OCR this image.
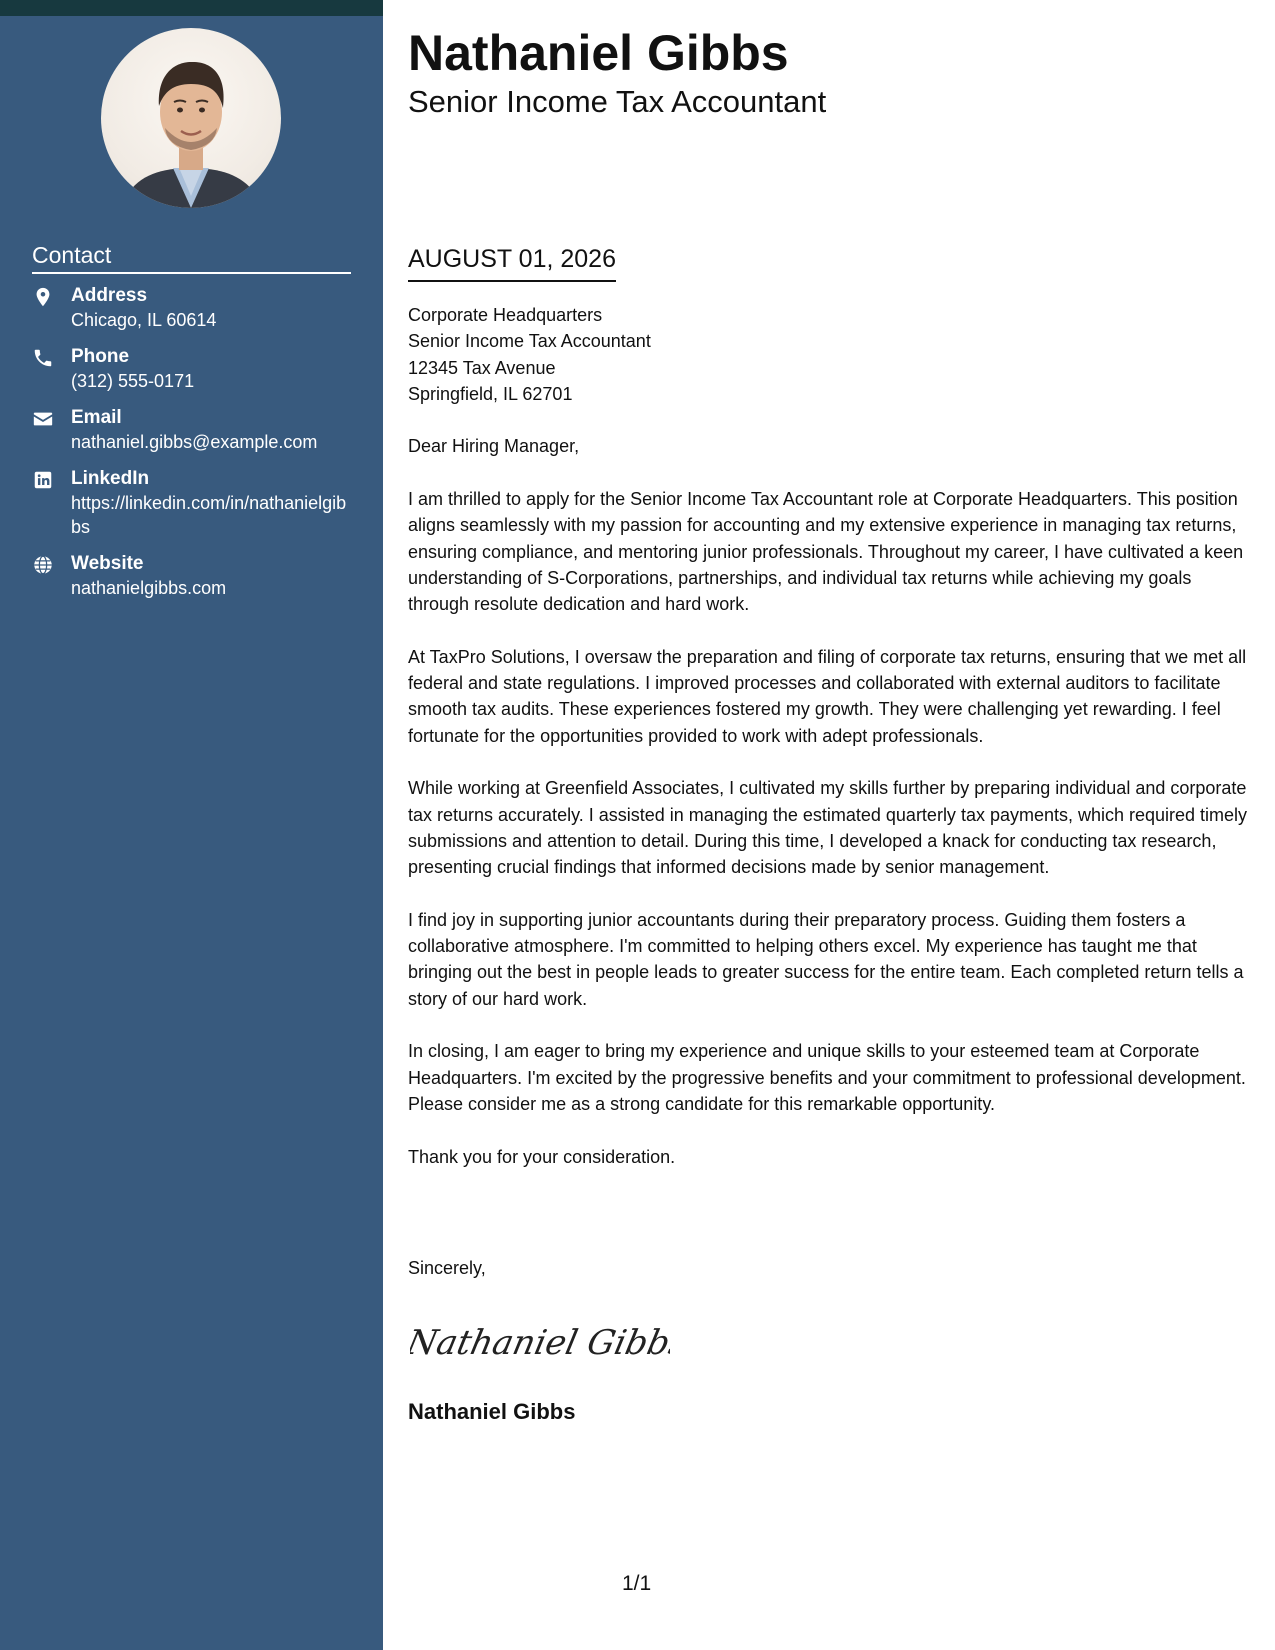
Contact
Address
Chicago, IL 60614
Phone
(312) 555-0171
Email
nathaniel.gibbs@example.com
LinkedIn
https://linkedin.com/in/nathanielgibbs
Website
nathanielgibbs.com
Nathaniel Gibbs
Senior Income Tax Accountant
AUGUST 01, 2026

Corporate Headquarters
Senior Income Tax Accountant
12345 Tax Avenue
Springfield, IL 62701

Dear Hiring Manager,

I am thrilled to apply for the Senior Income Tax Accountant role at Corporate Headquarters. This position aligns seamlessly with my passion for accounting and my extensive experience in managing tax returns, ensuring compliance, and mentoring junior professionals. Throughout my career, I have cultivated a keen understanding of S-Corporations, partnerships, and individual tax returns while achieving my goals through resolute dedication and hard work.

At TaxPro Solutions, I oversaw the preparation and filing of corporate tax returns, ensuring that we met all federal and state regulations. I improved processes and collaborated with external auditors to facilitate smooth tax audits. These experiences fostered my growth. They were challenging yet rewarding. I feel fortunate for the opportunities provided to work with adept professionals.

While working at Greenfield Associates, I cultivated my skills further by preparing individual and corporate tax returns accurately. I assisted in managing the estimated quarterly tax payments, which required timely submissions and attention to detail. During this time, I developed a knack for conducting tax research, presenting crucial findings that informed decisions made by senior management.

I find joy in supporting junior accountants during their preparatory process. Guiding them fosters a collaborative atmosphere. I'm committed to helping others excel. My experience has taught me that bringing out the best in people leads to greater success for the entire team. Each completed return tells a story of our hard work.

In closing, I am eager to bring my experience and unique skills to your esteemed team at Corporate Headquarters. I'm excited by the progressive benefits and your commitment to professional development. Please consider me as a strong candidate for this remarkable opportunity.

Thank you for your consideration.

Sincerely,
Nathaniel Gibbs
Nathaniel Gibbs
1/1
